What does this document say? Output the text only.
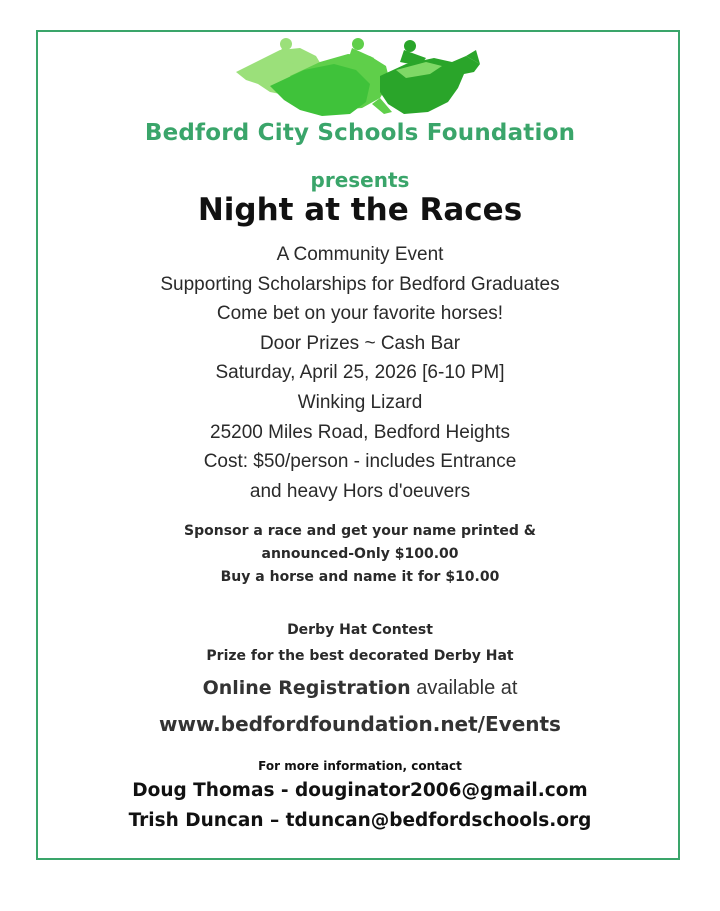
Bedford City Schools Foundation
presents
Night at the Races
A Community Event
Supporting Scholarships for Bedford Graduates
Come bet on your favorite horses!
Door Prizes ~ Cash Bar
Saturday, April 25, 2026 [6-10 PM]
Winking Lizard
25200 Miles Road, Bedford Heights
Cost: $50/person - includes Entrance
and heavy Hors d'oeuvers
Sponsor a race and get your name printed &
announced-Only $100.00
Buy a horse and name it for $10.00
Derby Hat Contest
Prize for the best decorated Derby Hat
Online Registration available at
www.bedfordfoundation.net/Events
For more information, contact
Doug Thomas - douginator2006@gmail.com
Trish Duncan – tduncan@bedfordschools.org
